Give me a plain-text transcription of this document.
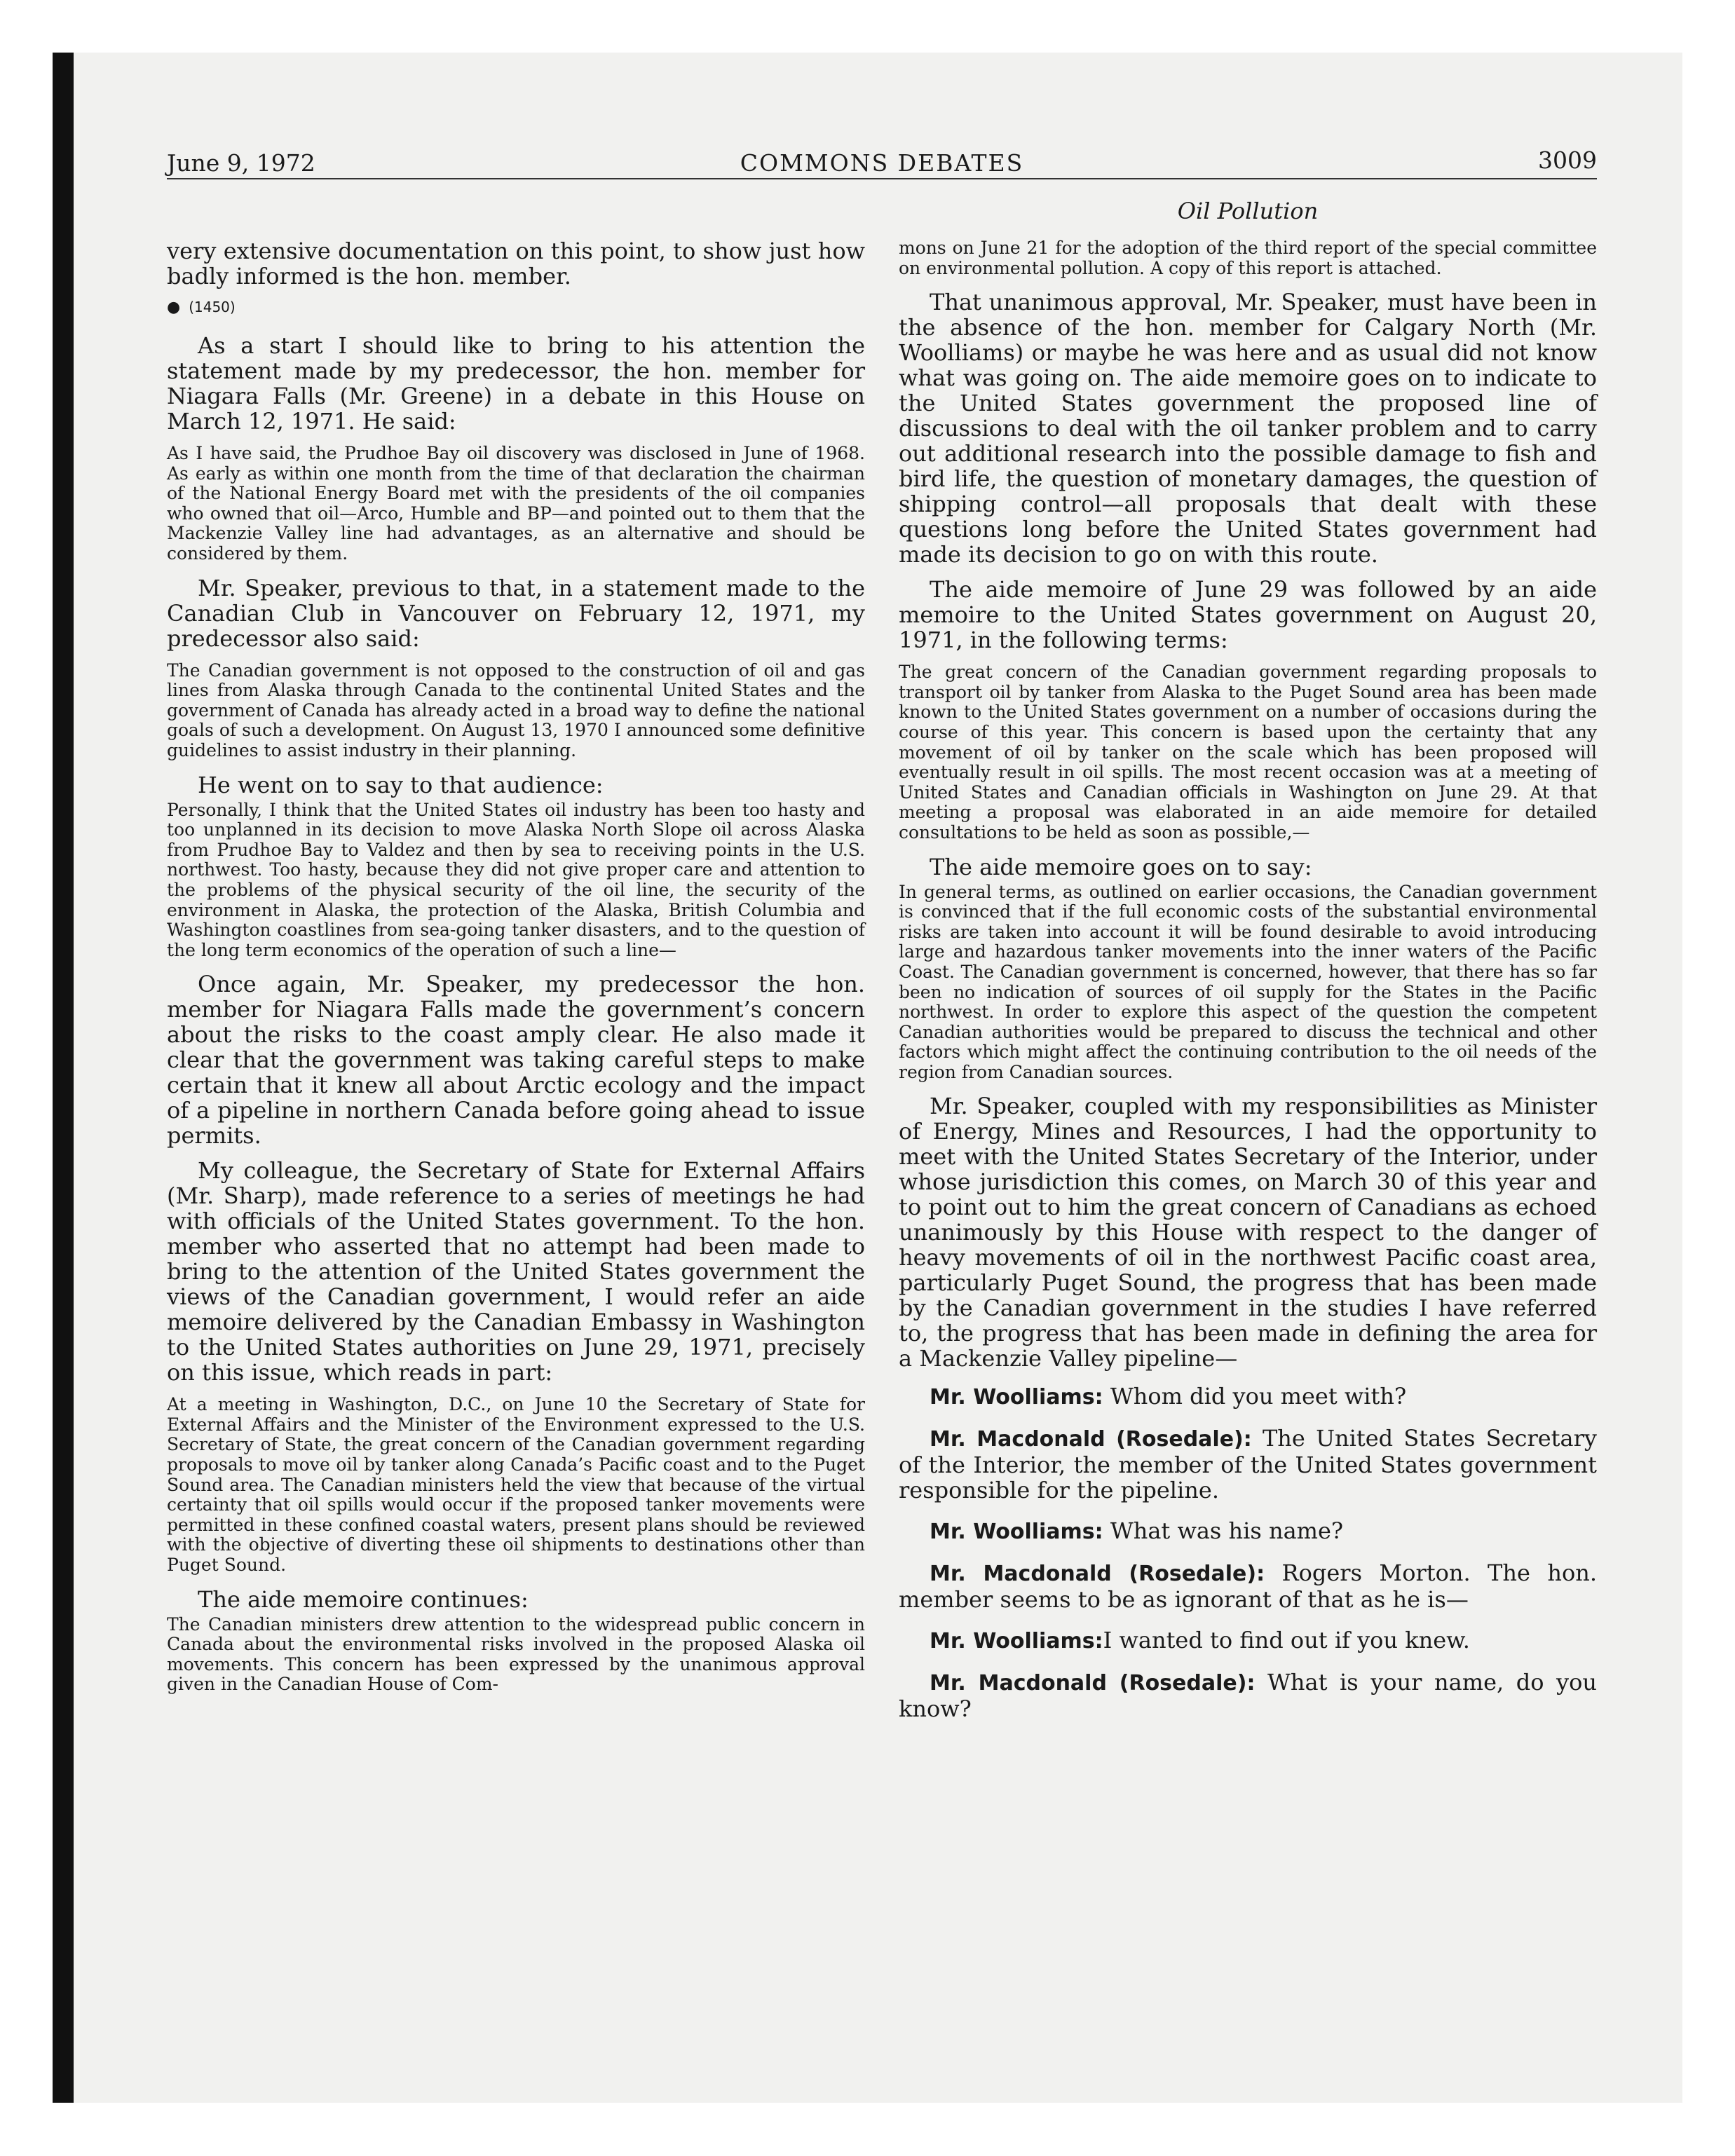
June 9, 1972	COMMONS DEBATES	3009
Oil Pollution

very extensive documentation on this point, to show just how badly informed is the hon. member.

● (1450)

As a start I should like to bring to his attention the statement made by my predecessor, the hon. member for Niagara Falls (Mr. Greene) in a debate in this House on March 12, 1971. He said:

As I have said, the Prudhoe Bay oil discovery was disclosed in June of 1968. As early as within one month from the time of that declaration the chairman of the National Energy Board met with the presidents of the oil companies who owned that oil—Arco, Humble and BP—and pointed out to them that the Mackenzie Valley line had advantages, as an alternative and should be considered by them.

Mr. Speaker, previous to that, in a statement made to the Canadian Club in Vancouver on February 12, 1971, my predecessor also said:

The Canadian government is not opposed to the construction of oil and gas lines from Alaska through Canada to the continental United States and the government of Canada has already acted in a broad way to define the national goals of such a development. On August 13, 1970 I announced some definitive guidelines to assist industry in their planning.

He went on to say to that audience:

Personally, I think that the United States oil industry has been too hasty and too unplanned in its decision to move Alaska North Slope oil across Alaska from Prudhoe Bay to Valdez and then by sea to receiving points in the U.S. northwest. Too hasty, because they did not give proper care and attention to the problems of the physical security of the oil line, the security of the environment in Alaska, the protection of the Alaska, British Columbia and Washington coastlines from sea-going tanker disasters, and to the question of the long term economics of the operation of such a line—

Once again, Mr. Speaker, my predecessor the hon. member for Niagara Falls made the government’s concern about the risks to the coast amply clear. He also made it clear that the government was taking careful steps to make certain that it knew all about Arctic ecology and the impact of a pipeline in northern Canada before going ahead to issue permits.

My colleague, the Secretary of State for External Affairs (Mr. Sharp), made reference to a series of meetings he had with officials of the United States government. To the hon. member who asserted that no attempt had been made to bring to the attention of the United States government the views of the Canadian government, I would refer an aide memoire delivered by the Canadian Embassy in Washington to the United States authorities on June 29, 1971, precisely on this issue, which reads in part:

At a meeting in Washington, D.C., on June 10 the Secretary of State for External Affairs and the Minister of the Environment expressed to the U.S. Secretary of State, the great concern of the Canadian government regarding proposals to move oil by tanker along Canada’s Pacific coast and to the Puget Sound area. The Canadian ministers held the view that because of the virtual certainty that oil spills would occur if the proposed tanker movements were permitted in these confined coastal waters, present plans should be reviewed with the objective of diverting these oil shipments to destinations other than Puget Sound.

The aide memoire continues:

The Canadian ministers drew attention to the widespread public concern in Canada about the environmental risks involved in the proposed Alaska oil movements. This concern has been expressed by the unanimous approval given in the Canadian House of Com-

mons on June 21 for the adoption of the third report of the special committee on environmental pollution. A copy of this report is attached.

That unanimous approval, Mr. Speaker, must have been in the absence of the hon. member for Calgary North (Mr. Woolliams) or maybe he was here and as usual did not know what was going on. The aide memoire goes on to indicate to the United States government the proposed line of discussions to deal with the oil tanker problem and to carry out additional research into the possible damage to fish and bird life, the question of monetary damages, the question of shipping control—all proposals that dealt with these questions long before the United States government had made its decision to go on with this route.

The aide memoire of June 29 was followed by an aide memoire to the United States government on August 20, 1971, in the following terms:

The great concern of the Canadian government regarding proposals to transport oil by tanker from Alaska to the Puget Sound area has been made known to the United States government on a number of occasions during the course of this year. This concern is based upon the certainty that any movement of oil by tanker on the scale which has been proposed will eventually result in oil spills. The most recent occasion was at a meeting of United States and Canadian officials in Washington on June 29. At that meeting a proposal was elaborated in an aide memoire for detailed consultations to be held as soon as possible,—

The aide memoire goes on to say:

In general terms, as outlined on earlier occasions, the Canadian government is convinced that if the full economic costs of the substantial environmental risks are taken into account it will be found desirable to avoid introducing large and hazardous tanker movements into the inner waters of the Pacific Coast. The Canadian government is concerned, however, that there has so far been no indication of sources of oil supply for the States in the Pacific northwest. In order to explore this aspect of the question the competent Canadian authorities would be prepared to discuss the technical and other factors which might affect the continuing contribution to the oil needs of the region from Canadian sources.

Mr. Speaker, coupled with my responsibilities as Minister of Energy, Mines and Resources, I had the opportunity to meet with the United States Secretary of the Interior, under whose jurisdiction this comes, on March 30 of this year and to point out to him the great concern of Canadians as echoed unanimously by this House with respect to the danger of heavy movements of oil in the northwest Pacific coast area, particularly Puget Sound, the progress that has been made by the Canadian government in the studies I have referred to, the progress that has been made in defining the area for a Mackenzie Valley pipeline—

Mr. Woolliams: Whom did you meet with?

Mr. Macdonald (Rosedale): The United States Secretary of the Interior, the member of the United States government responsible for the pipeline.

Mr. Woolliams: What was his name?

Mr. Macdonald (Rosedale): Rogers Morton. The hon. member seems to be as ignorant of that as he is—

Mr. Woolliams:I wanted to find out if you knew.

Mr. Macdonald (Rosedale): What is your name, do you know?
